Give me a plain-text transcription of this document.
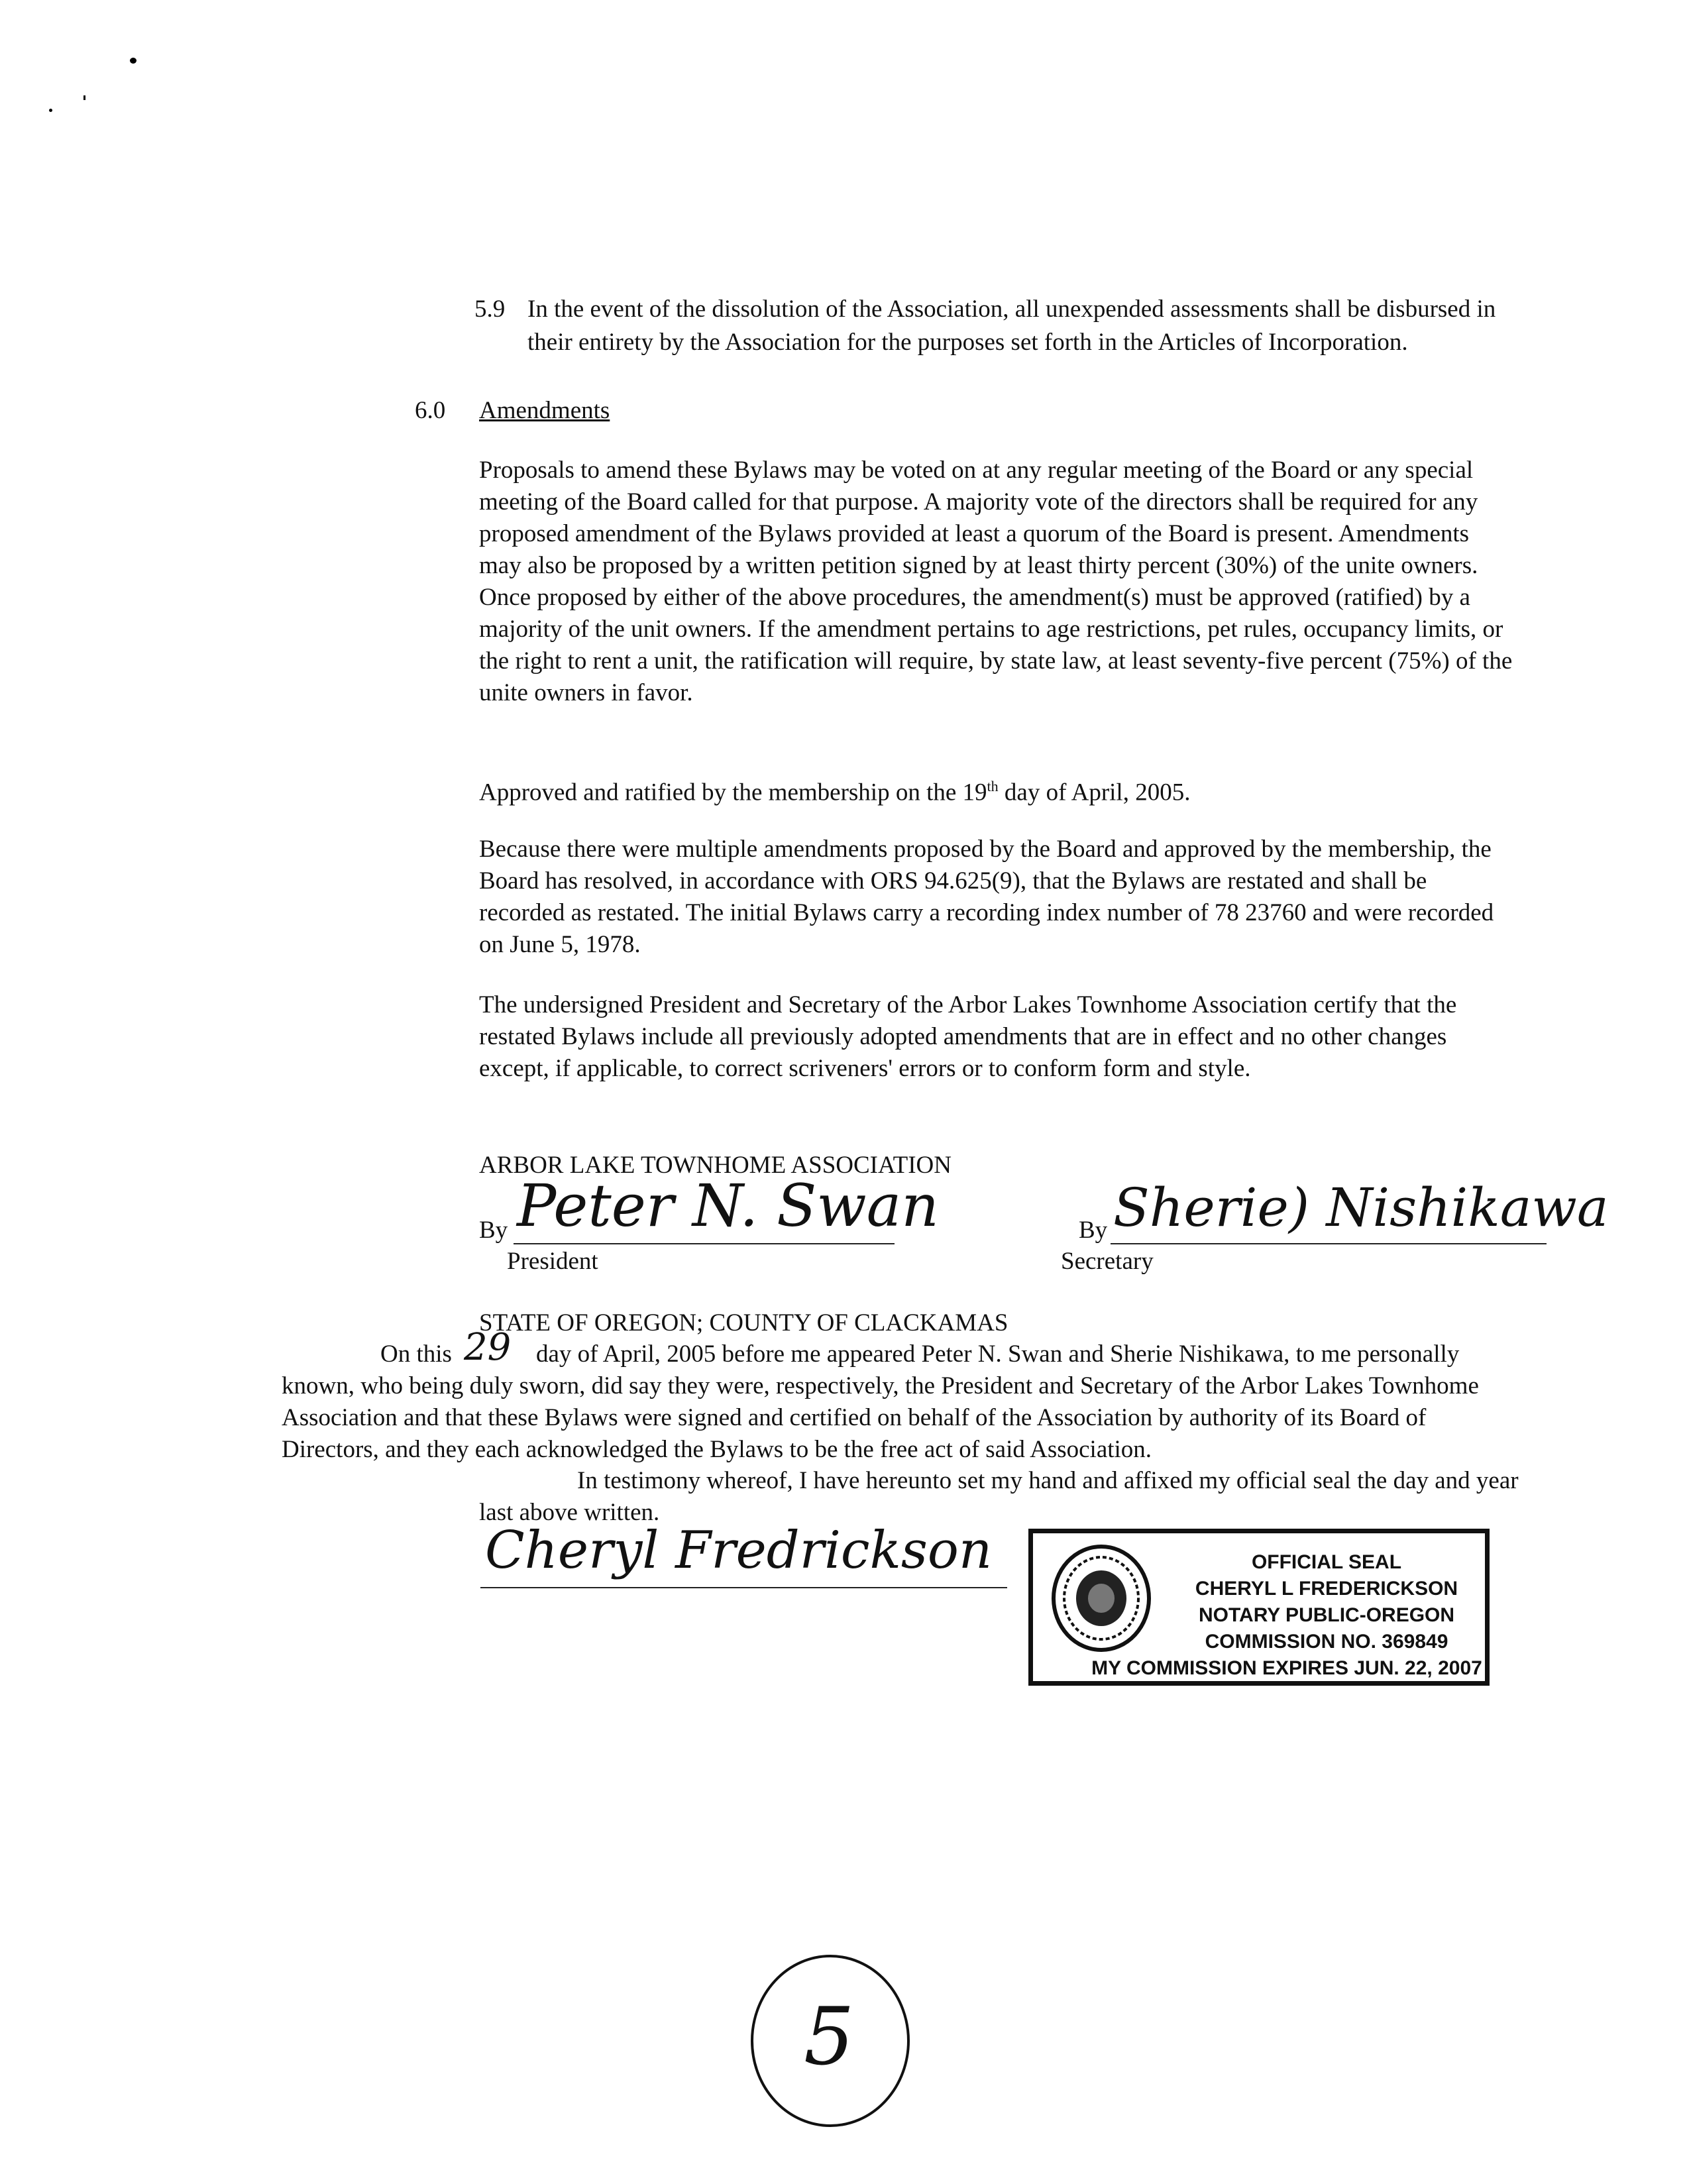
5.9 In the event of the dissolution of the Association, all unexpended assessments shall be disbursed in
their entirety by the Association for the purposes set forth in the Articles of Incorporation.
6.0 Amendments
Proposals to amend these Bylaws may be voted on at any regular meeting of the Board or any special
meeting of the Board called for that purpose. A majority vote of the directors shall be required for any
proposed amendment of the Bylaws provided at least a quorum of the Board is present. Amendments
may also be proposed by a written petition signed by at least thirty percent (30%) of the unite owners.
Once proposed by either of the above procedures, the amendment(s) must be approved (ratified) by a
majority of the unit owners. If the amendment pertains to age restrictions, pet rules, occupancy limits, or
the right to rent a unit, the ratification will require, by state law, at least seventy-five percent (75%) of the
unite owners in favor.
Approved and ratified by the membership on the 19th day of April, 2005.
Because there were multiple amendments proposed by the Board and approved by the membership, the
Board has resolved, in accordance with ORS 94.625(9), that the Bylaws are restated and shall be
recorded as restated. The initial Bylaws carry a recording index number of 78 23760 and were recorded
on June 5, 1978.
The undersigned President and Secretary of the Arbor Lakes Townhome Association certify that the
restated Bylaws include all previously adopted amendments that are in effect and no other changes
except, if applicable, to correct scriveners' errors or to conform form and style.
ARBOR LAKE TOWNHOME ASSOCIATION
By Peter N. Swan
President
By Sherie) Nishikawa
Secretary
STATE OF OREGON; COUNTY OF CLACKAMAS
On this 29 day of April, 2005 before me appeared Peter N. Swan and Sherie Nishikawa, to me personally
known, who being duly sworn, did say they were, respectively, the President and Secretary of the Arbor Lakes Townhome
Association and that these Bylaws were signed and certified on behalf of the Association by authority of its Board of
Directors, and they each acknowledged the Bylaws to be the free act of said Association.
In testimony whereof, I have hereunto set my hand and affixed my official seal the day and year
last above written.
Cheryl Fredrickson	OFFICIAL SEAL
CHERYL L FREDERICKSON
NOTARY PUBLIC-OREGON
COMMISSION NO. 369849
MY COMMISSION EXPIRES JUN. 22, 2007
5
